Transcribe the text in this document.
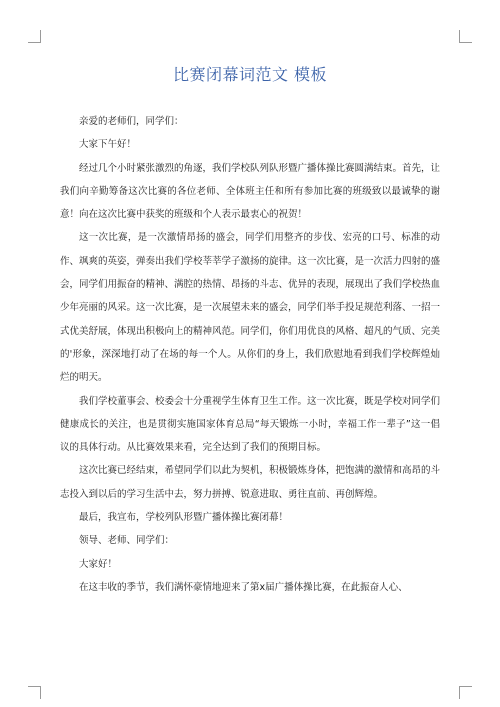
比赛闭幕词范文 模板

亲爱的老师们，同学们：

大家下午好！

经过几个小时紧张激烈的角逐，我们学校队列队形暨广播体操比赛圆满结束。首先，让我们向辛勤筹备这次比赛的各位老师、全体班主任和所有参加比赛的班级致以最诚挚的谢意！向在这次比赛中获奖的班级和个人表示最衷心的祝贺！

这一次比赛，是一次激情昂扬的盛会，同学们用整齐的步伐、宏亮的口号、标准的动作、飒爽的英姿，弹奏出我们学校莘莘学子激扬的旋律。这一次比赛，是一次活力四射的盛会，同学们用振奋的精神、满腔的热情、昂扬的斗志、优异的表现，展现出了我们学校热血少年亮丽的风采。这一次比赛，是一次展望未来的盛会，同学们举手投足规范利落、一招一式优美舒展，体现出积极向上的精神风范。同学们，你们用优良的风格、超凡的气质、完美的'形象，深深地打动了在场的每一个人。从你们的身上，我们欣慰地看到我们学校辉煌灿烂的明天。

我们学校董事会、校委会十分重视学生体育卫生工作。这一次比赛，既是学校对同学们健康成长的关注，也是贯彻实施国家体育总局“每天锻炼一小时，幸福工作一辈子”这一倡议的具体行动。从比赛效果来看，完全达到了我们的预期目标。

这次比赛已经结束，希望同学们以此为契机，积极锻炼身体，把饱满的激情和高昂的斗志投入到以后的学习生活中去，努力拼搏、锐意进取、勇往直前、再创辉煌。

最后，我宣布，学校列队形暨广播体操比赛闭幕！

领导、老师、同学们：

大家好！

在这丰收的季节，我们满怀豪情地迎来了第x届广播体操比赛，在此振奋人心、
